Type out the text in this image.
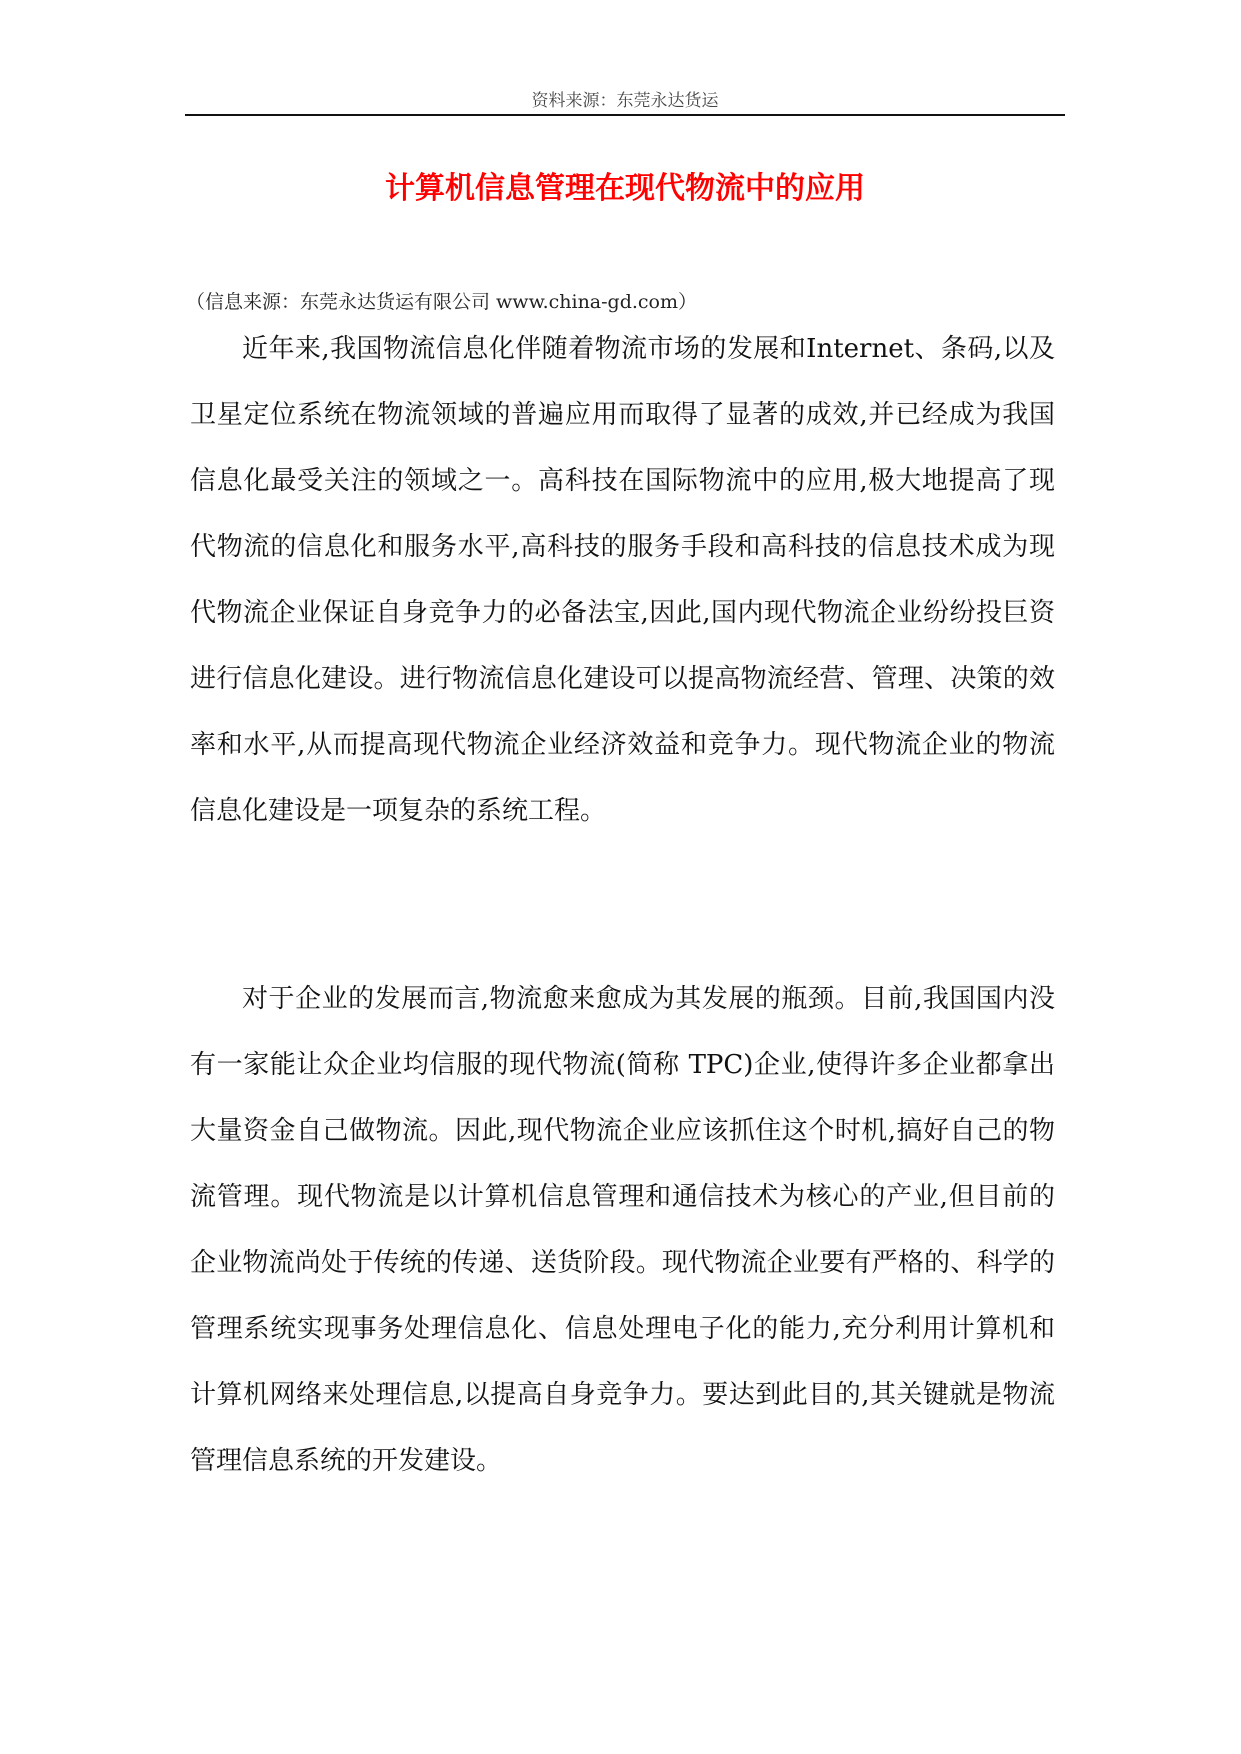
资料来源：东莞永达货运
计算机信息管理在现代物流中的应用
（信息来源：东莞永达货运有限公司 www.china-gd.com）

近年来,我国物流信息化伴随着物流市场的发展和Internet、条码,以及卫星定位系统在物流领域的普遍应用而取得了显著的成效,并已经成为我国信息化最受关注的领域之一。高科技在国际物流中的应用,极大地提高了现代物流的信息化和服务水平,高科技的服务手段和高科技的信息技术成为现代物流企业保证自身竞争力的必备法宝,因此,国内现代物流企业纷纷投巨资进行信息化建设。进行物流信息化建设可以提高物流经营、管理、决策的效率和水平,从而提高现代物流企业经济效益和竞争力。现代物流企业的物流信息化建设是一项复杂的系统工程。

对于企业的发展而言,物流愈来愈成为其发展的瓶颈。目前,我国国内没有一家能让众企业均信服的现代物流(简称 TPC)企业,使得许多企业都拿出大量资金自己做物流。因此,现代物流企业应该抓住这个时机,搞好自己的物流管理。现代物流是以计算机信息管理和通信技术为核心的产业,但目前的企业物流尚处于传统的传递、送货阶段。现代物流企业要有严格的、科学的管理系统实现事务处理信息化、信息处理电子化的能力,充分利用计算机和计算机网络来处理信息,以提高自身竞争力。要达到此目的,其关键就是物流管理信息系统的开发建设。
